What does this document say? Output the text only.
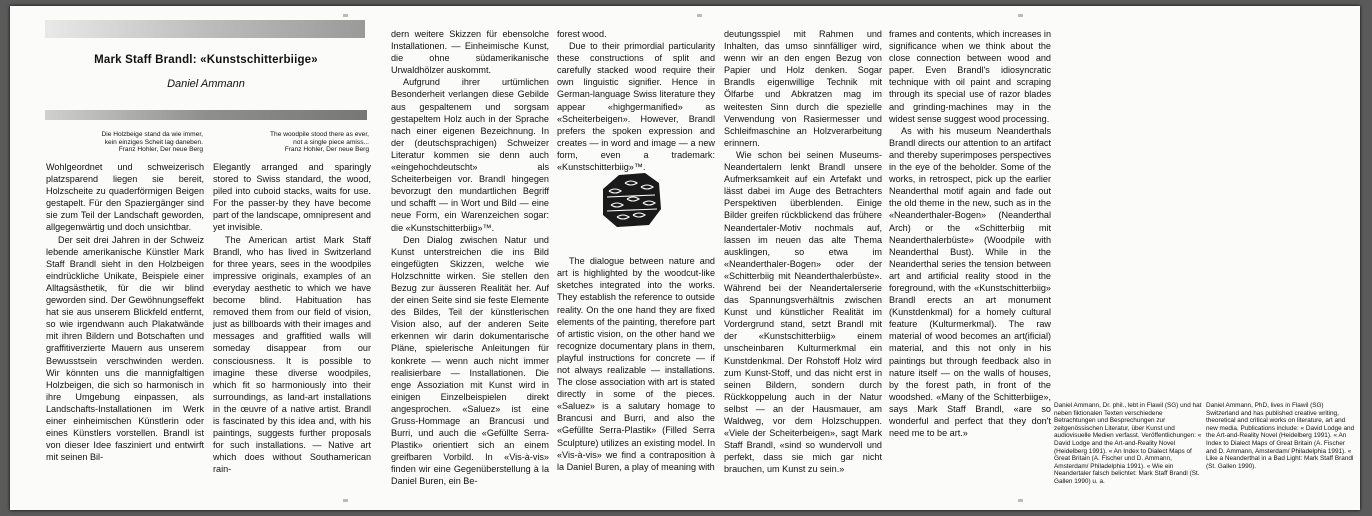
Mark Staff Brandl: «Kunstschitterbiige»
Daniel Ammann
Die Holzbeige stand da wie immer,
kein einziges Scheit lag daneben.
Franz Hohler, Der neue Berg
The woodpile stood there as ever,
not a single piece amiss...
Franz Hohler, Der neue Berg

Wohlgeordnet und schweizerisch platzsparend liegen sie bereit, Holzscheite zu quaderförmigen Beigen gestapelt. Für den Spaziergänger sind sie zum Teil der Landschaft geworden, allgegenwärtig und doch unsichtbar.

Der seit drei Jahren in der Schweiz lebende amerikanische Künstler Mark Staff Brandl sieht in den Holzbeigen eindrückliche Unikate, Beispiele einer Alltagsästhetik, für die wir blind geworden sind. Der Gewöhnungseffekt hat sie aus unserem Blickfeld entfernt, so wie irgendwann auch Plakatwände mit ihren Bildern und Botschaften und graffitiverzierte Mauern aus unserem Bewusstsein verschwinden werden. Wir könnten uns die mannigfaltigen Holzbeigen, die sich so harmonisch in ihre Umgebung einpassen, als Landschafts-Installationen im Werk einer einheimischen Künstlerin oder eines Künstlers vorstellen. Brandl ist von dieser Idee fasziniert und entwirft mit seinen Bil-

Elegantly arranged and sparingly stored to Swiss standard, the wood, piled into cuboid stacks, waits for use. For the passer-by they have become part of the landscape, omnipresent and yet invisible.

The American artist Mark Staff Brandl, who has lived in Switzerland for three years, sees in the woodpiles impressive originals, examples of an everyday aesthetic to which we have become blind. Habituation has removed them from our field of vision, just as billboards with their images and messages and graffitied walls will someday disappear from our consciousness. It is possible to imagine these diverse woodpiles, which fit so harmoniously into their surroundings, as land-art installations in the œuvre of a native artist. Brandl is fascinated by this idea and, with his paintings, suggests further proposals for such installations. — Native art which does without Southamerican rain-

dern weitere Skizzen für ebensolche Installationen. — Einheimische Kunst, die ohne südamerikanische Urwaldhölzer auskommt.

Aufgrund ihrer urtümlichen Besonderheit verlangen diese Gebilde aus gespaltenem und sorgsam gestapeltem Holz auch in der Sprache nach einer eigenen Bezeichnung. In der (deutschsprachigen) Schweizer Literatur kommen sie denn auch «eingehochdeutscht» als Scheiterbeigen vor. Brandl hingegen bevorzugt den mundartlichen Begriff und schafft — in Wort und Bild — eine neue Form, ein Warenzeichen sogar: die «Kunstschitterbiig»™.

Den Dialog zwischen Natur und Kunst unterstreichen die ins Bild eingefügten Skizzen, welche wie Holzschnitte wirken. Sie stellen den Bezug zur äusseren Realität her. Auf der einen Seite sind sie feste Elemente des Bildes, Teil der künstlerischen Vision also, auf der anderen Seite erkennen wir darin dokumentarische Pläne, spielerische Anleitungen für konkrete — wenn auch nicht immer realisierbare — Installationen. Die enge Assoziation mit Kunst wird in einigen Einzelbeispielen direkt angesprochen. «Saluez» ist eine Gruss-Hommage an Brancusi und Burri, und auch die «Gefüllte Serra-Plastik» orientiert sich an einem greifbaren Vorbild. In «Vis-à-vis» finden wir eine Gegenüberstellung à la Daniel Buren, ein Be-

forest wood.

Due to their primordial particularity these constructions of split and carefully stacked wood require their own linguistic signifier. Hence in German-language Swiss literature they appear «highgermanified» as «Scheiterbeigen». However, Brandl prefers the spoken expression and creates — in word and image — a new form, even a trademark: «Kunstschitterbiig»™.

The dialogue between nature and art is highlighted by the woodcut-like sketches integrated into the works. They establish the reference to outside reality. On the one hand they are fixed elements of the painting, therefore part of artistic vision, on the other hand we recognize documentary plans in them, playful instructions for concrete — if not always realizable — installations. The close association with art is stated directly in some of the pieces. «Saluez» is a salutary homage to Brancusi and Burri, and also the «Gefüllte Serra-Plastik» (Filled Serra Sculpture) utilizes an existing model. In «Vis-à-vis» we find a contraposition à la Daniel Buren, a play of meaning with

deutungsspiel mit Rahmen und Inhalten, das umso sinnfälliger wird, wenn wir an den engen Bezug von Papier und Holz denken. Sogar Brandls eigenwillige Technik mit Ölfarbe und Abkratzen mag im weitesten Sinn durch die spezielle Verwendung von Rasiermesser und Schleifmaschine an Holzverarbeitung erinnern.

Wie schon bei seinen Museums-Neandertalern lenkt Brandl unsere Aufmerksamkeit auf ein Artefakt und lässt dabei im Auge des Betrachters Perspektiven überblenden. Einige Bilder greifen rückblickend das frühere Neandertaler-Motiv nochmals auf, lassen im neuen das alte Thema ausklingen, so etwa im «Neanderthaler-Bogen» oder der «Schitterbiig mit Neanderthalerbüste». Während bei der Neandertalerserie das Spannungsverhältnis zwischen Kunst und künstlicher Realität im Vordergrund stand, setzt Brandl mit der «Kunstschitterbiig» einem unscheinbaren Kulturmerkmal ein Kunstdenkmal. Der Rohstoff Holz wird zum Kunst-Stoff, und das nicht erst in seinen Bildern, sondern durch Rückkoppelung auch in der Natur selbst — an der Hausmauer, am Waldweg, vor dem Holzschuppen. «Viele der Scheiterbeigen», sagt Mark Staff Brandl, «sind so wundervoll und perfekt, dass sie mich gar nicht brauchen, um Kunst zu sein.»

frames and contents, which increases in significance when we think about the close connection between wood and paper. Even Brandl's idiosyncratic technique with oil paint and scraping through its special use of razor blades and grinding-machines may in the widest sense suggest wood processing.

As with his museum Neanderthals Brandl directs our attention to an artifact and thereby superimposes perspectives in the eye of the beholder. Some of the works, in retrospect, pick up the earlier Neanderthal motif again and fade out the old theme in the new, such as in the «Neanderthaler-Bogen» (Neanderthal Arch) or the «Schitterbiig mit Neanderthalerbüste» (Woodpile with Neanderthal Bust). While in the Neanderthal series the tension between art and artificial reality stood in the foreground, with the «Kunstschitterbiig» Brandl erects an art monument (Kunstdenkmal) for a homely cultural feature (Kulturmerkmal). The raw material of wood becomes an art(ificial) material, and this not only in his paintings but through feedback also in nature itself — on the walls of houses, by the forest path, in front of the woodshed. «Many of the Schitterbiige», says Mark Staff Brandl, «are so wonderful and perfect that they don't need me to be art.»

Daniel Ammann, Dr. phil., lebt in Flawil (SG) und hat neben fiktionalen Texten verschiedene Betrachtungen und Besprechungen zur zeitgenössischen Literatur, über Kunst und audiovisuelle Medien verfasst. Veröffentlichungen: « David Lodge and the Art-and-Reality Novel (Heidelberg 1991). « An Index to Dialect Maps of Great Britain (A. Fischer und D. Ammann, Amsterdam/ Philadelphia 1991). « Wie ein Neandertaler falsch belichtet: Mark Staff Brandl (St. Gallen 1990) u. a.
Daniel Ammann, PhD, lives in Flawil (SG) Switzerland and has published creative writing, theoretical and critical works on literature, art and new media. Publications include: « David Lodge and the Art-and-Reality Novel (Heidelberg 1991). « An Index to Dialect Maps of Great Britain (A. Fischer and D. Ammann, Amsterdam/ Philadelphia 1991). « Like a Neanderthal in a Bad Light: Mark Staff Brandl (St. Gallen 1990).
